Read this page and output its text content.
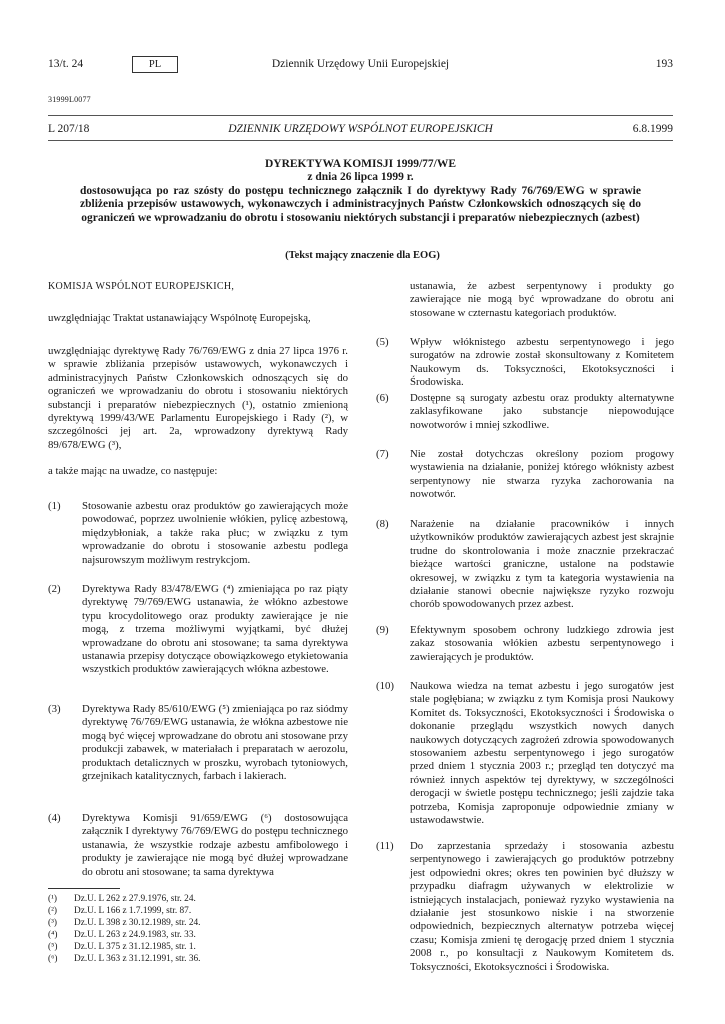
13/t. 24	PL	Dziennik Urzędowy Unii Europejskiej	193
31999L0077
L 207/18	DZIENNIK URZĘDOWY WSPÓLNOT EUROPEJSKICH	6.8.1999
DYREKTYWA KOMISJI 1999/77/WE
z dnia 26 lipca 1999 r.
dostosowująca po raz szósty do postępu technicznego załącznik I do dyrektywy Rady 76/769/EWG w sprawie zbliżenia przepisów ustawowych, wykonawczych i administracyjnych Państw Członkowskich odnoszących się do ograniczeń we wprowadzaniu do obrotu i stosowaniu niektórych substancji i preparatów niebezpiecznych (azbest)
(Tekst mający znaczenie dla EOG)
KOMISJA WSPÓLNOT EUROPEJSKICH,
uwzględniając Traktat ustanawiający Wspólnotę Europejską,
uwzględniając dyrektywę Rady 76/769/EWG z dnia 27 lipca 1976 r. w sprawie zbliżania przepisów ustawowych, wykonawczych i administracyjnych Państw Członkowskich odnoszących się do ograniczeń we wprowadzaniu do obrotu i stosowaniu niektórych substancji i preparatów niebezpiecznych (¹), ostatnio zmienioną dyrektywą 1999/43/WE Parlamentu Europejskiego i Rady (²), w szczególności jej art. 2a, wprowadzony dyrektywą Rady 89/678/EWG (³),
a także mając na uwadze, co następuje:
(1) Stosowanie azbestu oraz produktów go zawierających może powodować, poprzez uwolnienie włókien, pylicę azbestową, międzybłoniak, a także raka płuc; w związku z tym wprowadzanie do obrotu i stosowanie azbestu podlega najsurowszym możliwym restrykcjom.
(2) Dyrektywa Rady 83/478/EWG (⁴) zmieniająca po raz piąty dyrektywę 79/769/EWG ustanawia, że włókno azbestowe typu krocydolitowego oraz produkty zawierające je nie mogą, z trzema możliwymi wyjątkami, być dłużej wprowadzane do obrotu ani stosowane; ta sama dyrektywa ustanawia przepisy dotyczące obowiązkowego etykietowania wszystkich produktów zawierających włókna azbestowe.
(3) Dyrektywa Rady 85/610/EWG (⁵) zmieniająca po raz siódmy dyrektywę 76/769/EWG ustanawia, że włókna azbestowe nie mogą być więcej wprowadzane do obrotu ani stosowane przy produkcji zabawek, w materiałach i preparatach w aerozolu, produktach detalicznych w proszku, wyrobach tytoniowych, grzejnikach katalitycznych, farbach i lakierach.
(4) Dyrektywa Komisji 91/659/EWG (⁶) dostosowująca załącznik I dyrektywy 76/769/EWG do postępu technicznego ustanawia, że wszystkie rodzaje azbestu amfibolowego i produkty je zawierające nie mogą być dłużej wprowadzane do obrotu ani stosowane; ta sama dyrektywa
(¹) Dz.U. L 262 z 27.9.1976, str. 24.
(²) Dz.U. L 166 z 1.7.1999, str. 87.
(³) Dz.U. L 398 z 30.12.1989, str. 24.
(⁴) Dz.U. L 263 z 24.9.1983, str. 33.
(⁵) Dz.U. L 375 z 31.12.1985, str. 1.
(⁶) Dz.U. L 363 z 31.12.1991, str. 36.
ustanawia, że azbest serpentynowy i produkty go zawierające nie mogą być wprowadzane do obrotu ani stosowane w czternastu kategoriach produktów.
(5) Wpływ włóknistego azbestu serpentynowego i jego surogatów na zdrowie został skonsultowany z Komitetem Naukowym ds. Toksyczności, Ekotoksyczności i Środowiska.
(6) Dostępne są surogaty azbestu oraz produkty alternatywne zaklasyfikowane jako substancje niepowodujące nowotworów i mniej szkodliwe.
(7) Nie został dotychczas określony poziom progowy wystawienia na działanie, poniżej którego włóknisty azbest serpentynowy nie stwarza ryzyka zachorowania na nowotwór.
(8) Narażenie na działanie pracowników i innych użytkowników produktów zawierających azbest jest skrajnie trudne do skontrolowania i może znacznie przekraczać bieżące wartości graniczne, ustalone na podstawie okresowej, w związku z tym ta kategoria wystawienia na działanie stanowi obecnie największe ryzyko rozwoju chorób spowodowanych przez azbest.
(9) Efektywnym sposobem ochrony ludzkiego zdrowia jest zakaz stosowania włókien azbestu serpentynowego i zawierających je produktów.
(10) Naukowa wiedza na temat azbestu i jego surogatów jest stale pogłębiana; w związku z tym Komisja prosi Naukowy Komitet ds. Toksyczności, Ekotoksyczności i Środowiska o dokonanie przeglądu wszystkich nowych danych naukowych dotyczących zagrożeń zdrowia spowodowanych stosowaniem azbestu serpentynowego i jego surogatów przed dniem 1 stycznia 2003 r.; przegląd ten dotyczyć ma również innych aspektów tej dyrektywy, w szczególności derogacji w świetle postępu technicznego; jeśli zajdzie taka potrzeba, Komisja zaproponuje odpowiednie zmiany w ustawodawstwie.
(11) Do zaprzestania sprzedaży i stosowania azbestu serpentynowego i zawierających go produktów potrzebny jest odpowiedni okres; okres ten powinien być dłuższy w przypadku diafragm używanych w elektrolizie w istniejących instalacjach, ponieważ ryzyko wystawienia na działanie jest stosunkowo niskie i na stworzenie odpowiednich, bezpiecznych alternatyw potrzeba więcej czasu; Komisja zmieni tę derogację przed dniem 1 stycznia 2008 r., po konsultacji z Naukowym Komitetem ds. Toksyczności, Ekotoksyczności i Środowiska.
